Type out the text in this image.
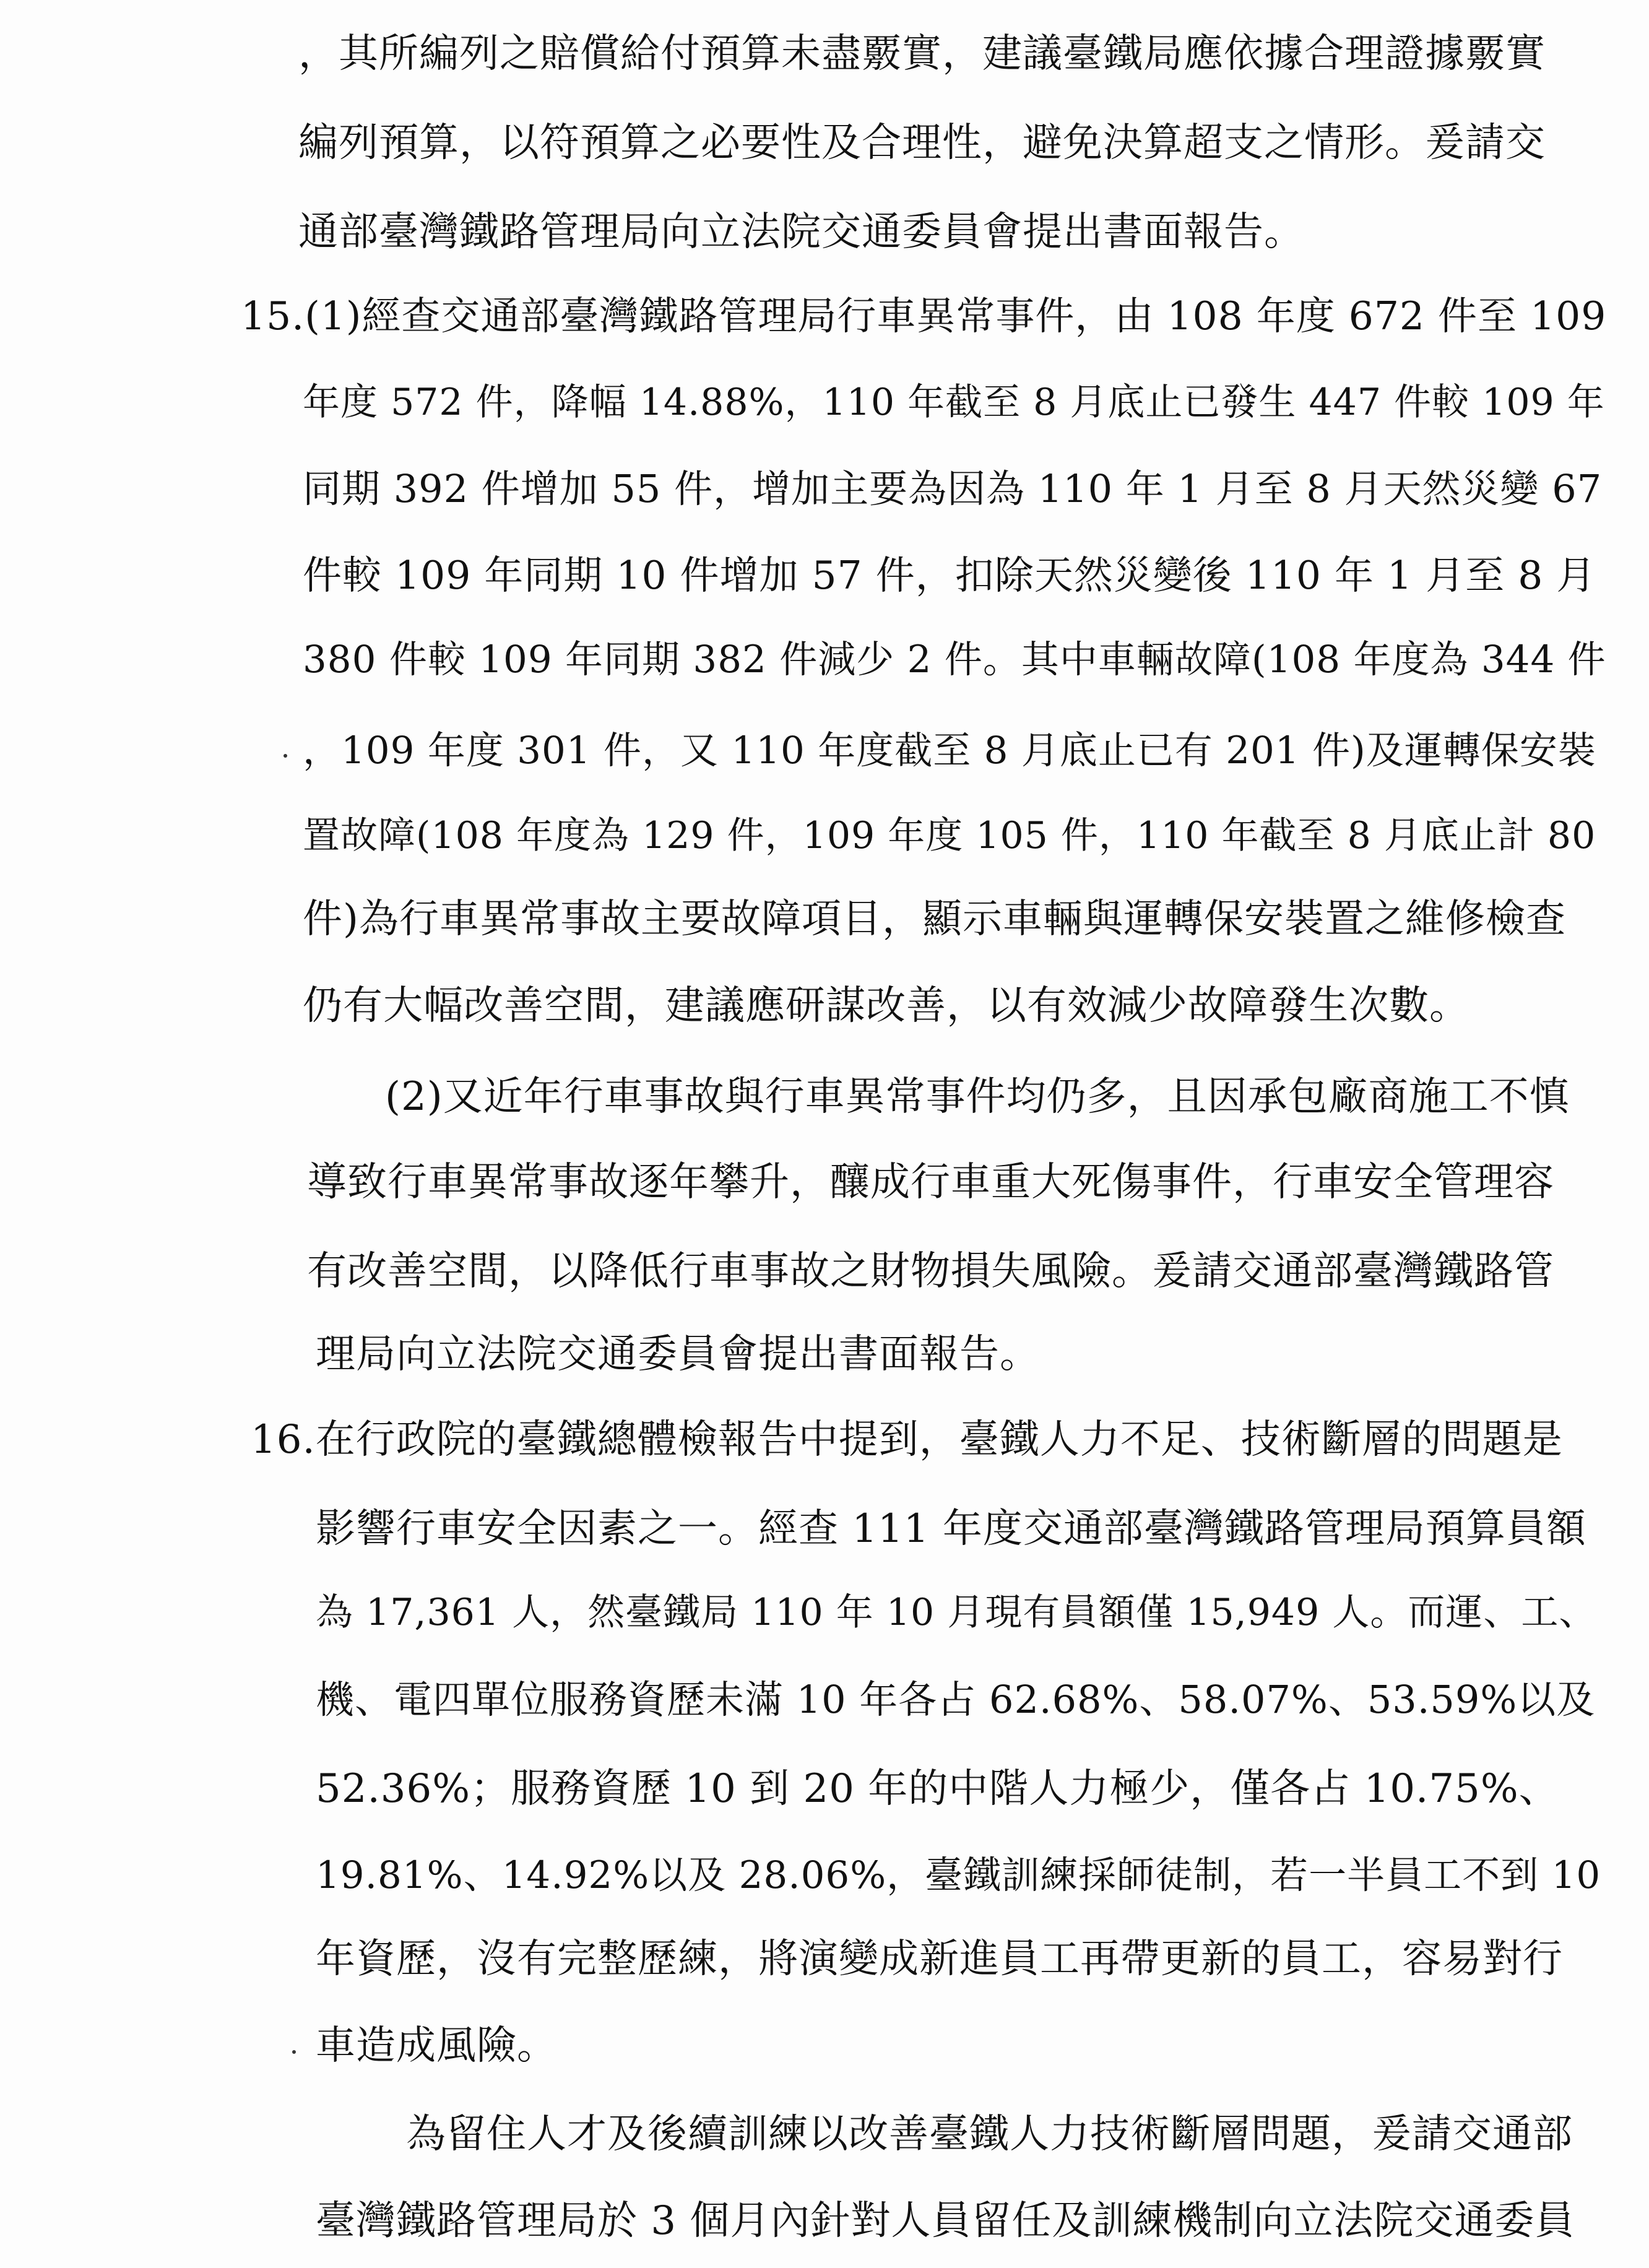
，其所編列之賠償給付預算未盡覈實，建議臺鐵局應依據合理證據覈實
編列預算，以符預算之必要性及合理性，避免決算超支之情形。爰請交
通部臺灣鐵路管理局向立法院交通委員會提出書面報告。
15.(1)經查交通部臺灣鐵路管理局行車異常事件，由 108 年度 672 件至 109
年度 572 件，降幅 14.88%，110 年截至 8 月底止已發生 447 件較 109 年
同期 392 件增加 55 件，增加主要為因為 110 年 1 月至 8 月天然災變 67
件較 109 年同期 10 件增加 57 件，扣除天然災變後 110 年 1 月至 8 月
380 件較 109 年同期 382 件減少 2 件。其中車輛故障(108 年度為 344 件
，109 年度 301 件，又 110 年度截至 8 月底止已有 201 件)及運轉保安裝
置故障(108 年度為 129 件，109 年度 105 件，110 年截至 8 月底止計 80
件)為行車異常事故主要故障項目，顯示車輛與運轉保安裝置之維修檢查
仍有大幅改善空間，建議應研謀改善，以有效減少故障發生次數。
(2)又近年行車事故與行車異常事件均仍多，且因承包廠商施工不慎
導致行車異常事故逐年攀升，釀成行車重大死傷事件，行車安全管理容
有改善空間，以降低行車事故之財物損失風險。爰請交通部臺灣鐵路管
理局向立法院交通委員會提出書面報告。
16.在行政院的臺鐵總體檢報告中提到，臺鐵人力不足、技術斷層的問題是
影響行車安全因素之一。經查 111 年度交通部臺灣鐵路管理局預算員額
為 17,361 人，然臺鐵局 110 年 10 月現有員額僅 15,949 人。而運、工、
機、電四單位服務資歷未滿 10 年各占 62.68%、58.07%、53.59%以及
52.36%；服務資歷 10 到 20 年的中階人力極少，僅各占 10.75%、
19.81%、14.92%以及 28.06%，臺鐵訓練採師徒制，若一半員工不到 10
年資歷，沒有完整歷練，將演變成新進員工再帶更新的員工，容易對行
車造成風險。
為留住人才及後續訓練以改善臺鐵人力技術斷層問題，爰請交通部
臺灣鐵路管理局於 3 個月內針對人員留任及訓練機制向立法院交通委員
